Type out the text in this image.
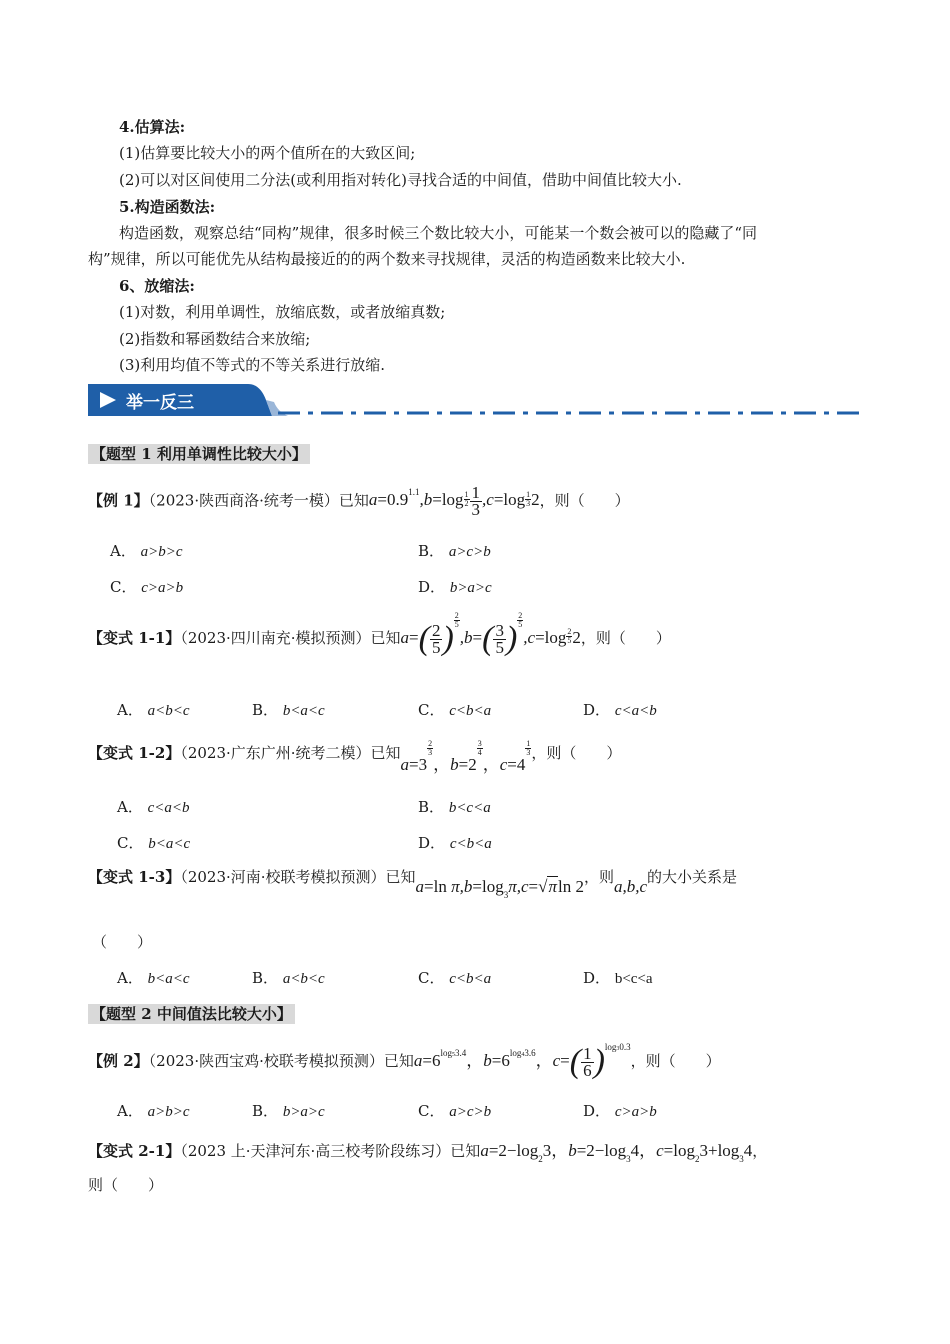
4.估算法:
(1)估算要比较大小的两个值所在的大致区间;
(2)可以对区间使用二分法(或利用指对转化)寻找合适的中间值，借助中间值比较大小.
5.构造函数法:
构造函数，观察总结“同构”规律，很多时候三个数比较大小，可能某一个数会被可以的隐藏了“同
构”规律，所以可能优先从结构最接近的的两个数来寻找规律，灵活的构造函数来比较大小.
6、放缩法:
(1)对数，利用单调性，放缩底数，或者放缩真数;
(2)指数和幂函数结合来放缩;
(3)利用均值不等式的不等关系进行放缩.
举一反三
【题型 1 利用单调性比较大小】
【例 1】（2023·陕西商洛·统考一模）已知$a=0.9^{1.1},b=\log$ $_{\frac{1}{2}} \frac{1}{3} ,c=\log$ $_{\frac{1}{3}}$ 2，则（　　）
A． a>b>c	B． a>c>b
C． c>a>b	D． b>a>c
【变式 1-1】（2023·四川南充·模拟预测）已知$a=( \frac{2}{5}$ ) $^{\frac{2}{5}}$
$,b=( \frac{3}{5}$ ) $^{\frac{2}{5}}$
,c=log $_{\frac{2}{5}}$ 2，则（　　）
A． a<b<c	B． b<a<c	C． c<b<a	D． c<a<b
【变式 1-2】（2023·广东广州·统考二模）已知a=3
$^{\frac{2}{3}}$
，b=2
$^{\frac{3}{4}}$
，c=4
$^{\frac{1}{3}}$ ，则（　　）
A． c<a<b	B． b<c<a
C． b<a<c	D． c<b<a
【变式 1-3】（2023·河南·校联考模拟预测）已知a=ln $\pi,b=\log_3\pi,c=√\pi\ln$ 2，则a,b,c的大小关系是
（　　）
A． b<a<c	B． a<b<c	C． c<b<a	D． b<c<a
【题型 2 中间值法比较大小】
【例 2】（2023·陕西宝鸡·校联考模拟预测）已知$a=6^{log53.4}$，$b=6^{log43.6}$，$c=( \frac{1}{6} )^{log30.3}$，则（　　）
A． a>b>c	B． b>a>c	C． a>c>b	D． c>a>b
【变式 2-1】（2023 上·天津河东·高三校考阶段练习）已知$a=2-\log_23$，$b=2-\log_34$，$c=\log_23+\log_34$，
则（　　）
